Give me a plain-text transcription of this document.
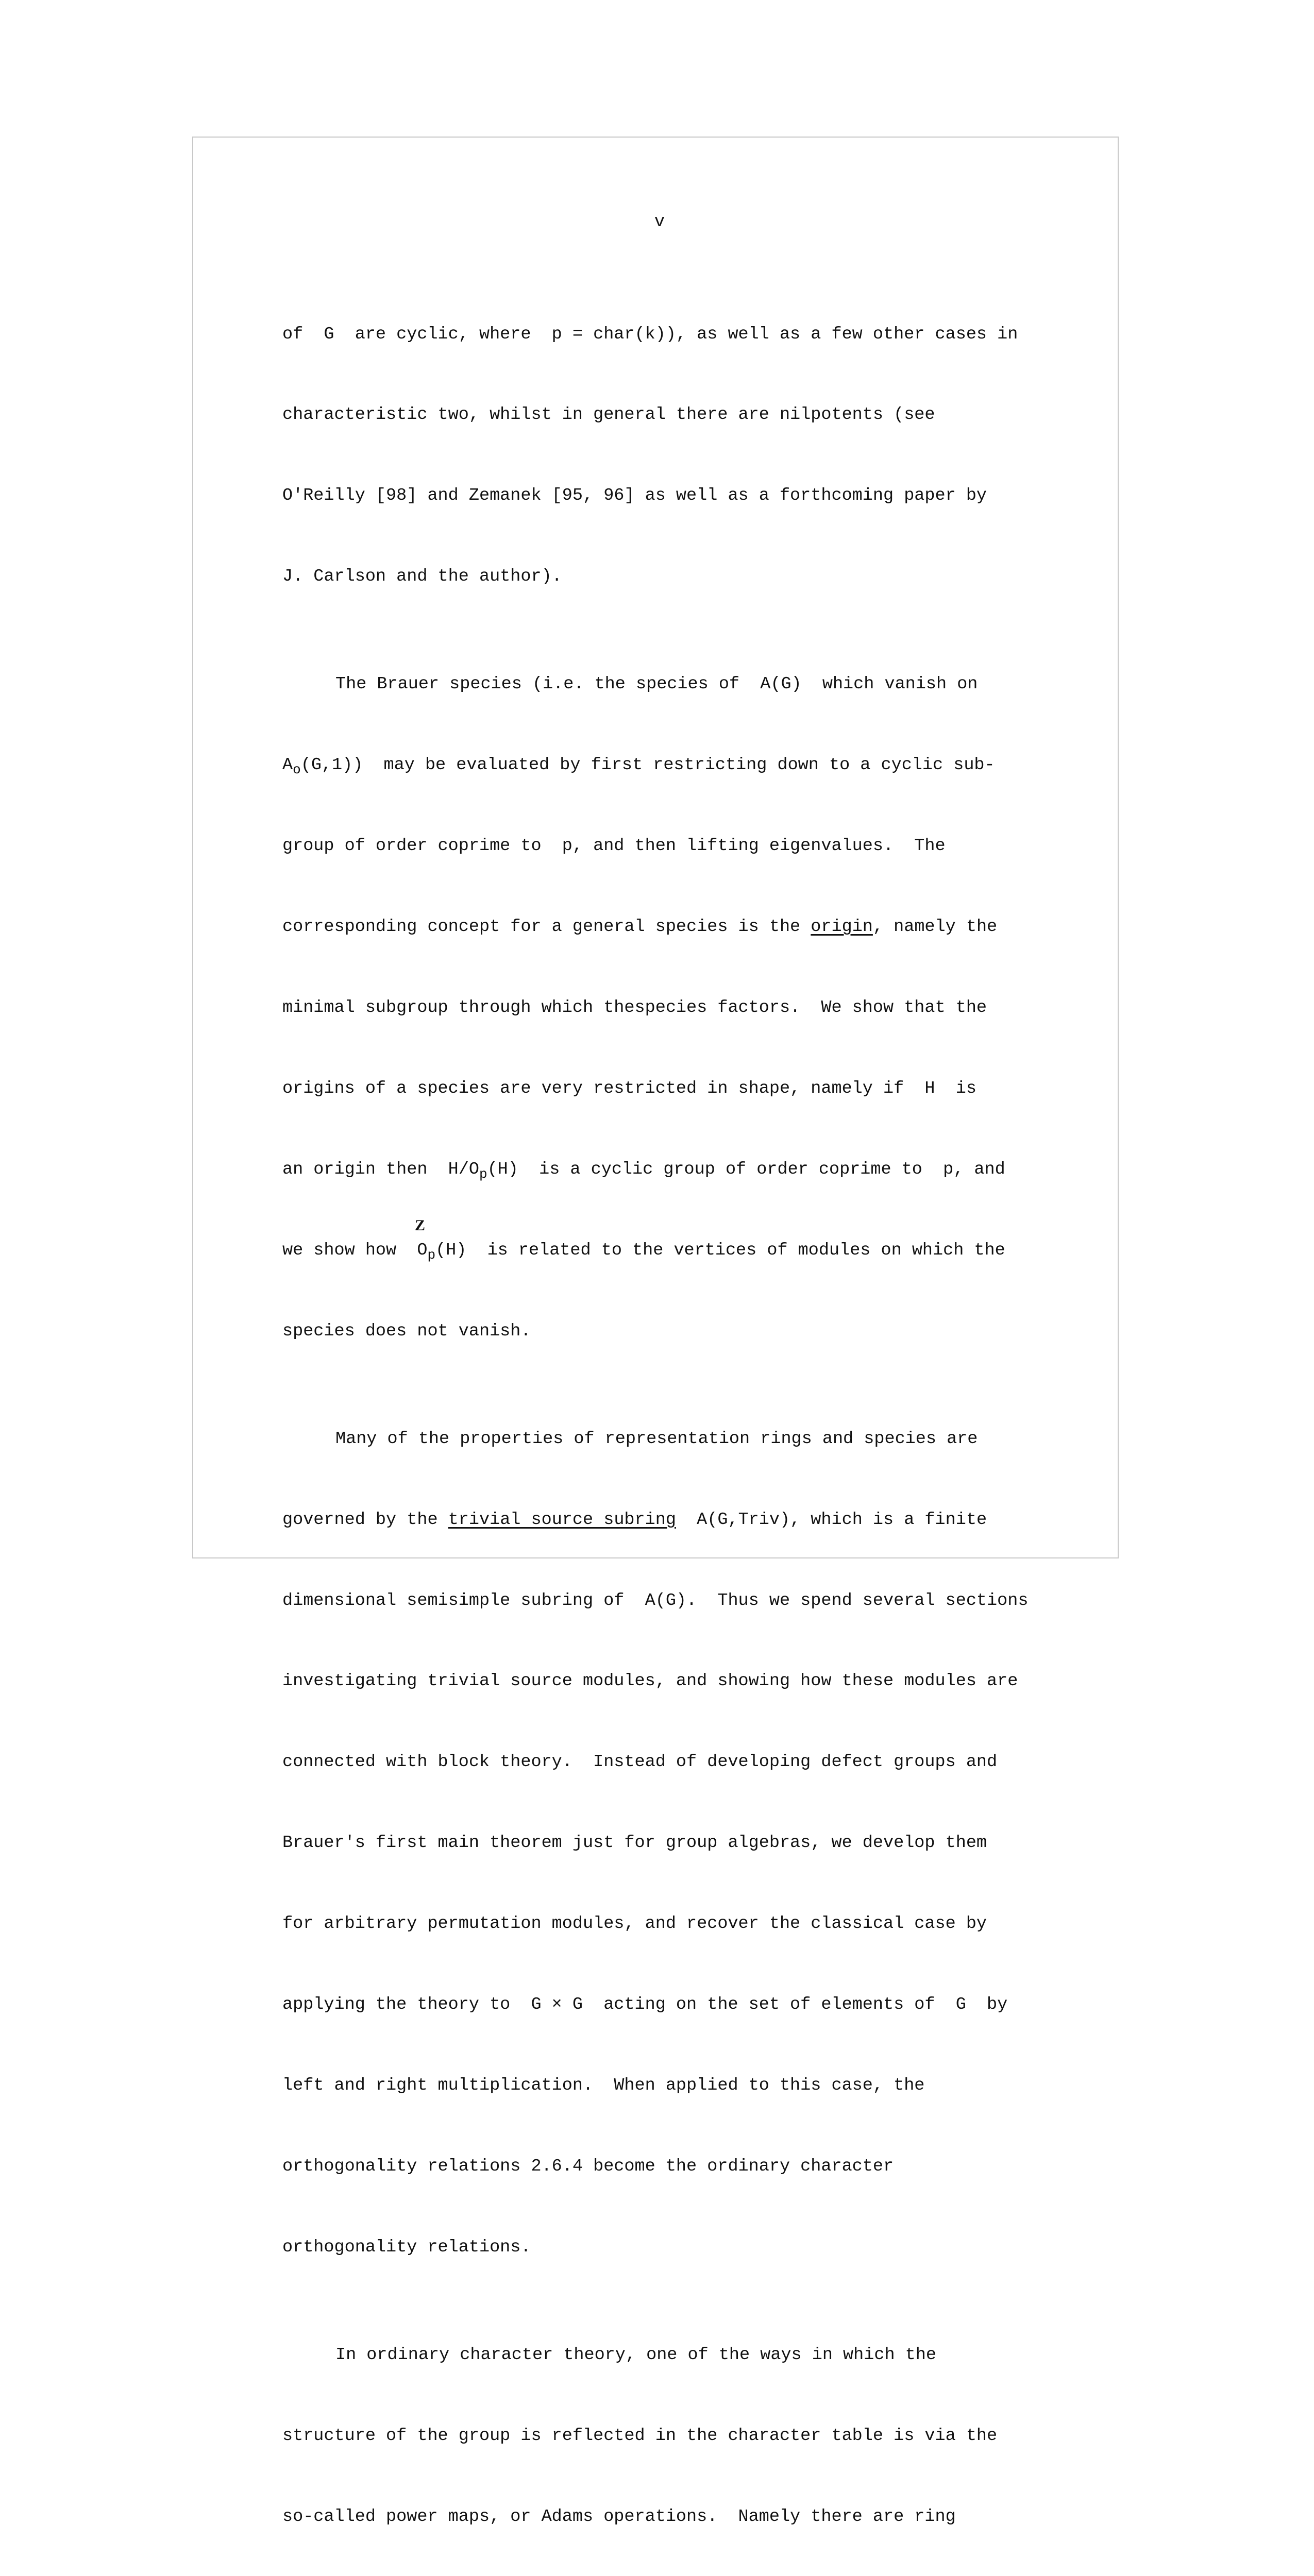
v

of  G  are cyclic, where  p = char(k)), as well as a few other cases in

characteristic two, whilst in general there are nilpotents (see

O'Reilly [98] and Zemanek [95, 96] as well as a forthcoming paper by

J. Carlson and the author).

The Brauer species (i.e. the species of  A(G)  which vanish on

$A_o(G,1)$)  may be evaluated by first restricting down to a cyclic sub-

group of order coprime to  p, and then lifting eigenvalues.  The

corresponding concept for a general species is the origin, namely the

minimal subgroup through which thespecies factors.  We show that the

origins of a species are very restricted in shape, namely if  H  is

an origin then  $H/O_p(H)$  is a cyclic group of order coprime to  p, and

we show how  $O_p(H)$  is related to the vertices of modules on which the

species does not vanish.

Many of the properties of representation rings and species are

governed by the trivial source subring  A(G,Triv), which is a finite

dimensional semisimple subring of  A(G).  Thus we spend several sections

investigating trivial source modules, and showing how these modules are

connected with block theory.  Instead of developing defect groups and

Brauer's first main theorem just for group algebras, we develop them

for arbitrary permutation modules, and recover the classical case by

applying the theory to  G × G  acting on the set of elements of  G  by

left and right multiplication.  When applied to this case, the

orthogonality relations 2.6.4 become the ordinary character

orthogonality relations.

In ordinary character theory, one of the ways in which the

structure of the group is reflected in the character table is via the

so-called power maps, or Adams operations.  Namely there are ring

Z
